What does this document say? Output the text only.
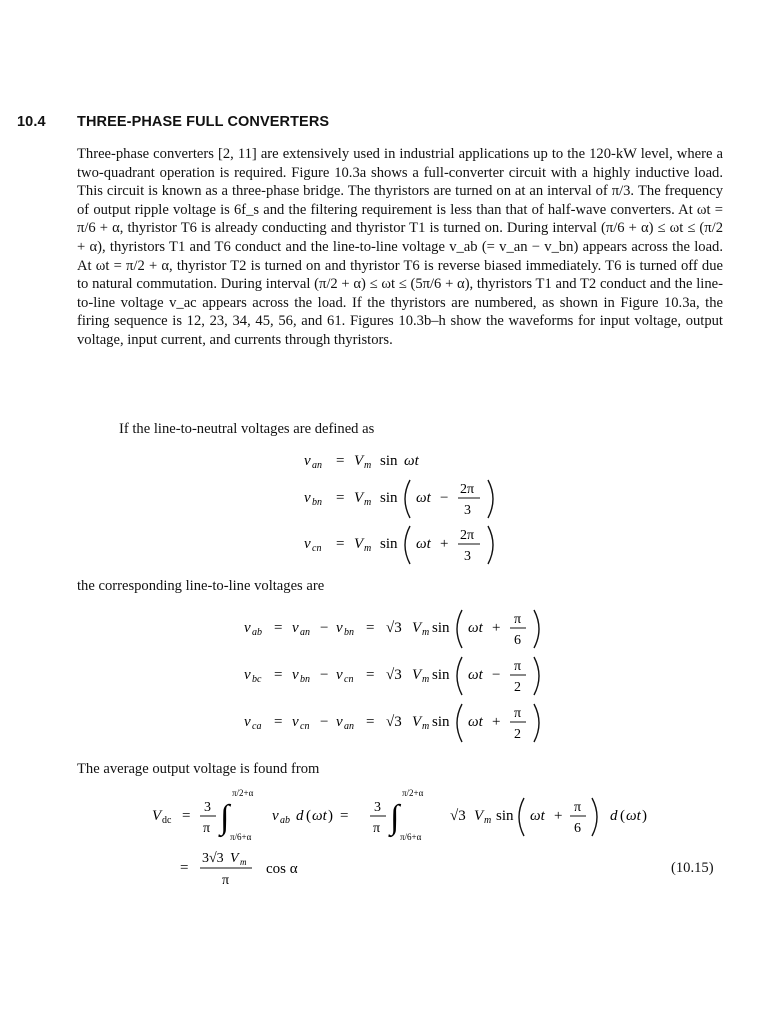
10.4 THREE-PHASE FULL CONVERTERS

Three-phase converters [2, 11] are extensively used in industrial applications up to the 120-kW level, where a two-quadrant operation is required. Figure 10.3a shows a full-converter circuit with a highly inductive load. This circuit is known as a three-phase bridge. The thyristors are turned on at an interval of π/3. The frequency of output ripple voltage is 6f_s and the filtering requirement is less than that of half-wave converters. At ωt = π/6 + α, thyristor T6 is already conducting and thyristor T1 is turned on. During interval (π/6 + α) ≤ ωt ≤ (π/2 + α), thyristors T1 and T6 conduct and the line-to-line voltage v_ab (= v_an − v_bn) appears across the load. At ωt = π/2 + α, thyristor T2 is turned on and thyristor T6 is reverse biased immediately. T6 is turned off due to natural commutation. During interval (π/2 + α) ≤ ωt ≤ (5π/6 + α), thyristors T1 and T2 conduct and the line-to-line voltage v_ac appears across the load. If the thyristors are numbered, as shown in Figure 10.3a, the firing sequence is 12, 23, 34, 45, 56, and 61. Figures 10.3b–h show the waveforms for input voltage, output voltage, input current, and currents through thyristors.

If the line-to-neutral voltages are defined as

the corresponding line-to-line voltages are

The average output voltage is found from

v an = V m sin ωt
v bn = V m sin ωt −
2π
3
v cn = V m sin ωt +
2π
3
v ab = v an − v bn = √3 V m sin ωt +
π
6
v bc = v bn − v cn = √3 V m sin ωt −
π
2
v ca = v cn − v an = √3 V m sin ωt +
π
2
V dc =
3
π ∫
π/2+α
π/6+α
v ab d ( ωt ) =
3
π ∫
π/2+α
π/6+α
√3 V m sin ωt +
π
6
d ( ωt )
=
3√3 V m
π
cos α	(10.15)
